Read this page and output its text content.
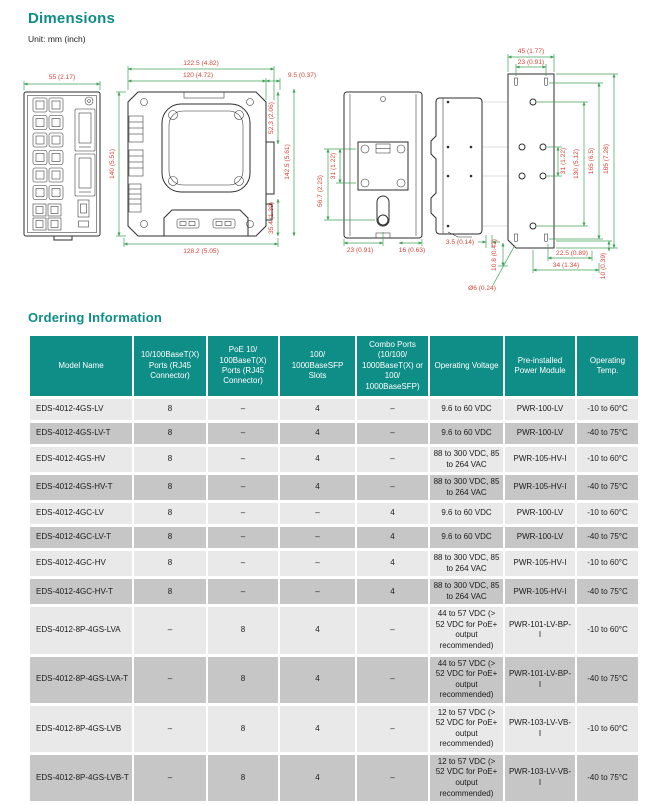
Dimensions
Unit: mm (inch)
55 (2.17)
122.5 (4.82)
120 (4.72)	9.5 (0.37)
140 (5.51)
52.3 (2.06)
35.4 (1.39)
142.5 (5.61)
128.2 (5.05)
31 (1.22)
56.7 (2.23)
23 (0.91)	16 (0.63)
3.5 (0.14)
45 (1.77)
23 (0.91)
31 (1.22) 130 (5.12) 165 (6.5) 185 (7.28)
10.8 (0.42)
Ø6 (0.24)
22.5 (0.89)
34 (1.34)	10 (0.39)
Ordering Information
Model Name	10/100BaseT(X) Ports (RJ45 Connector)	PoE 10/ 100BaseT(X) Ports (RJ45 Connector)	100/ 1000BaseSFP Slots	Combo Ports (10/100/ 1000BaseT(X) or 100/ 1000BaseSFP)	Operating Voltage	Pre-installed Power Module	Operating Temp.
EDS-4012-4GS-LV	8	–	4	–	9.6 to 60 VDC	PWR-100-LV	-10 to 60°C
EDS-4012-4GS-LV-T	8	–	4	–	9.6 to 60 VDC	PWR-100-LV	-40 to 75°C
EDS-4012-4GS-HV	8	–	4	–	88 to 300 VDC, 85 to 264 VAC	PWR-105-HV-I	-10 to 60°C
EDS-4012-4GS-HV-T	8	–	4	–	88 to 300 VDC, 85 to 264 VAC	PWR-105-HV-I	-40 to 75°C
EDS-4012-4GC-LV	8	–	–	4	9.6 to 60 VDC	PWR-100-LV	-10 to 60°C
EDS-4012-4GC-LV-T	8	–	–	4	9.6 to 60 VDC	PWR-100-LV	-40 to 75°C
EDS-4012-4GC-HV	8	–	–	4	88 to 300 VDC, 85 to 264 VAC	PWR-105-HV-I	-10 to 60°C
EDS-4012-4GC-HV-T	8	–	–	4	88 to 300 VDC, 85 to 264 VAC	PWR-105-HV-I	-40 to 75°C
EDS-4012-8P-4GS-LVA	–	8	4	–	44 to 57 VDC (> 52 VDC for PoE+ output recommended)	PWR-101-LV-BP-I	-10 to 60°C
EDS-4012-8P-4GS-LVA-T	–	8	4	–	44 to 57 VDC (> 52 VDC for PoE+ output recommended)	PWR-101-LV-BP-I	-40 to 75°C
EDS-4012-8P-4GS-LVB	–	8	4	–	12 to 57 VDC (> 52 VDC for PoE+ output recommended)	PWR-103-LV-VB-I	-10 to 60°C
EDS-4012-8P-4GS-LVB-T	–	8	4	–	12 to 57 VDC (> 52 VDC for PoE+ output recommended)	PWR-103-LV-VB-I	-40 to 75°C
